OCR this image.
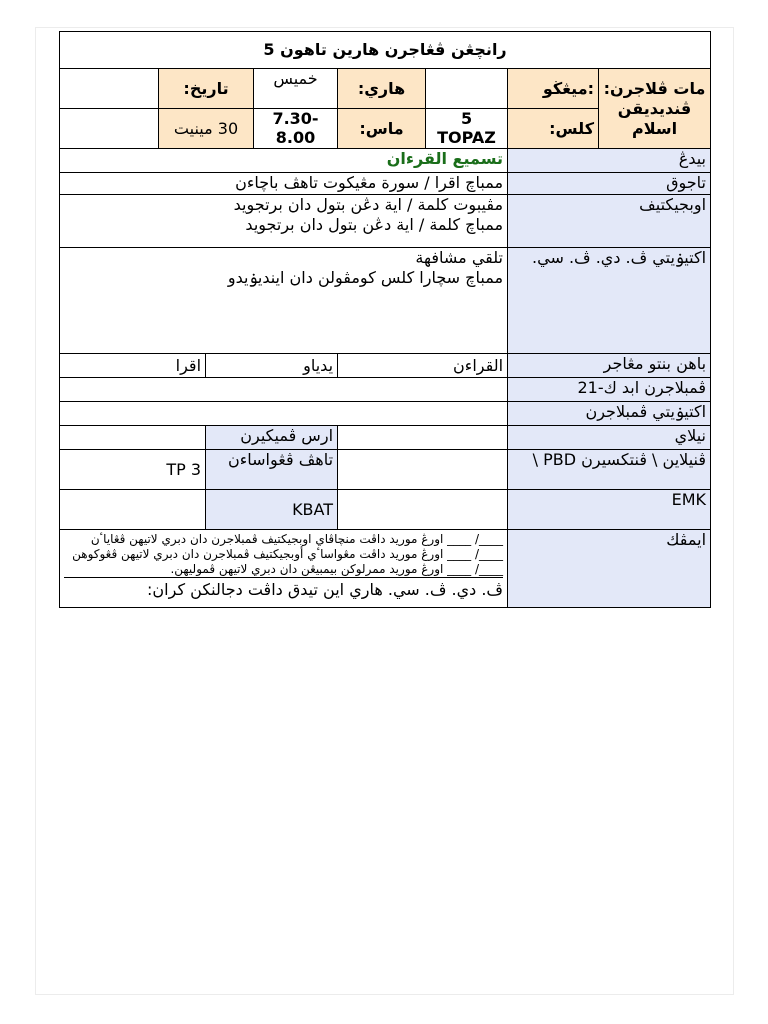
رانچڠن ڤڠاجرن هارين تاهون 5							

مات ڤلاجرن:
ڤنديديقن اسلام	:ميڠڬو		هاري:	خميس	تاريخ:		
	كلس:	5 TOPAZ	ماس:	7.30-8.00	30 مينيت		
بيدڠ		تسميع القرءان					
تاجوق		ممباچ اقرا / سورة مڠيكوت تاهڤ باچاءن					
اوبجيكتيف		مڤيبوت كلمة / اية دڠن بتول دان برتجويد
ممباچ كلمة / اية دڠن بتول دان برتجويد					

اكتيۏيتي ڤ. دي. ڤ. سي.		تلقي مشافهة
ممباچ سچارا كلس كومڤولن دان اينديۏيدو					

باهن بنتو مڠاجر		القراءن		يدياو		اقرا	
ڤمبلاجرن ابد ك-21							
اكتيۏيتي ڤمبلاجرن							
نيلاي				ارس ڤميكيرن			
ڤنيلاين \ ڤنتكسيرن PBD \				تاهڤ ڤڠواساءن		TP 3	
EMK				KBAT			
ايمڤك		____/ ____ اورڠ موريد داڤت منچاڤاي اوبجيكتيف ڤمبلاجرن دان دبري لاتيهن ڤڠاياٴن
____/ ____ اورڠ موريد داڤت مڠواساٴي أوبجيكتيف ڤمبلاجرن دان دبري لاتيهن ڤڠوكوهن
____/ ____ اورڠ موريد ممرلوكن بيمبيڠن دان دبري لاتيهن ڤموليهن.
ڤ. دي. ڤ. سي. هاري اين تيدق داڤت دجالنكن كران:					
